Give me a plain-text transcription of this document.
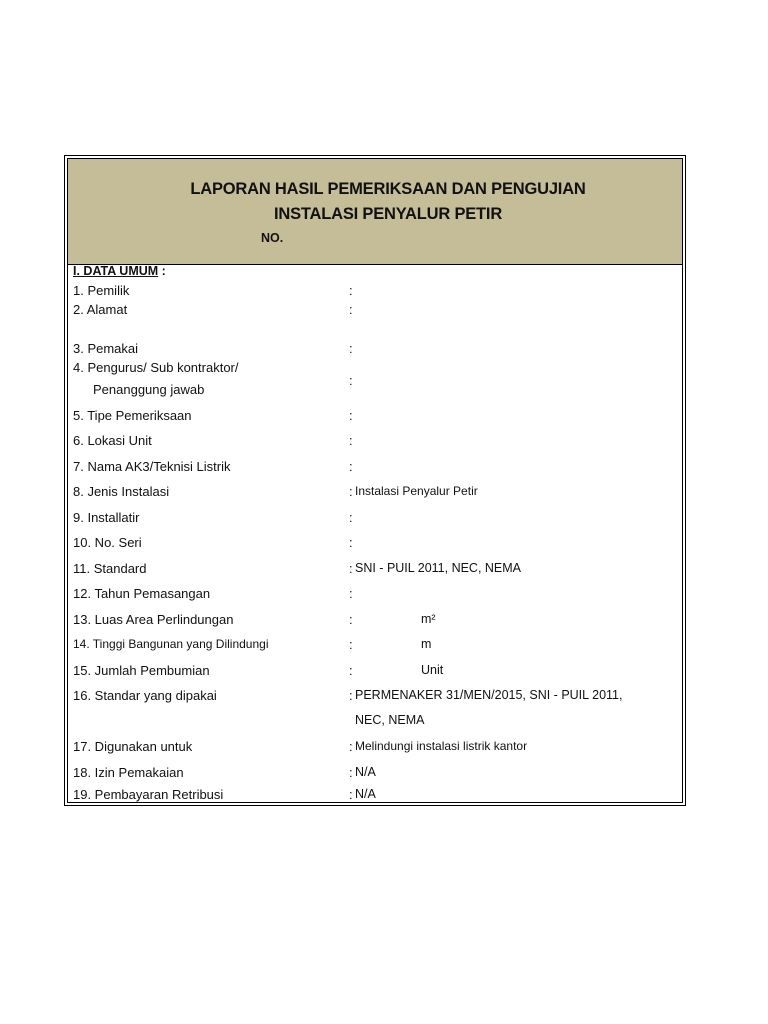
LAPORAN HASIL PEMERIKSAAN DAN PENGUJIAN
INSTALASI PENYALUR PETIR
NO.
I. DATA UMUM :
1. Pemilik	:
2. Alamat	:
3. Pemakai	:
4. Pengurus/ Sub kontraktor/
Penanggung jawab
:
5. Tipe Pemeriksaan	:
6. Lokasi Unit	:
7. Nama AK3/Teknisi Listrik	:
8. Jenis Instalasi	: Instalasi Penyalur Petir
9. Installatir	:
10. No. Seri	:
11. Standard	: SNI - PUIL 2011, NEC, NEMA
12. Tahun Pemasangan	:
13. Luas Area Perlindungan	:	m²
14. Tinggi Bangunan yang Dilindungi	:	m
15. Jumlah Pembumian	:	Unit
16. Standar yang dipakai	: PERMENAKER 31/MEN/2015, SNI - PUIL 2011,
NEC, NEMA
17. Digunakan untuk	: Melindungi instalasi listrik kantor
18. Izin Pemakaian	: N/A
19. Pembayaran Retribusi	: N/A
